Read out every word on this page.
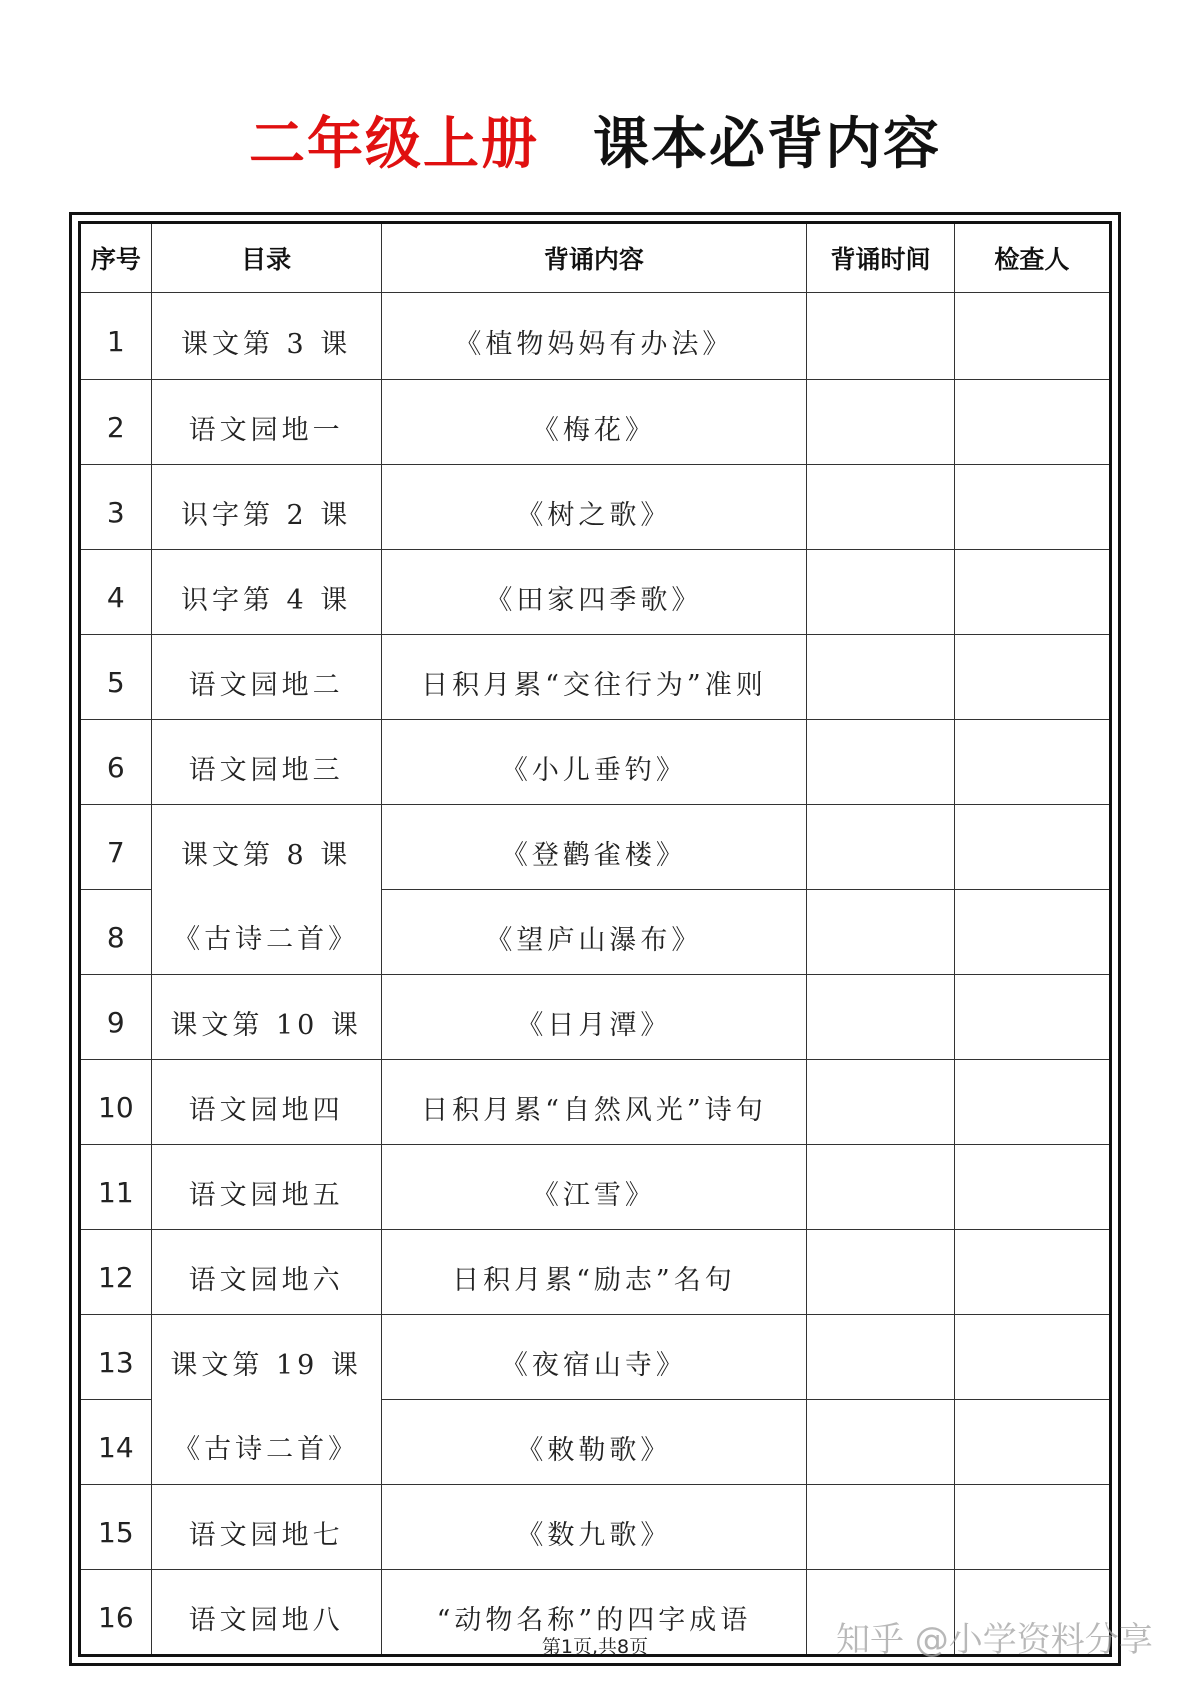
二年级上册 课本必背内容
序号	目录	背诵内容	背诵时间	检查人
1	课文第 3 课	《植物妈妈有办法》		
2	语文园地一	《梅花》		
3	识字第 2 课	《树之歌》		
4	识字第 4 课	《田家四季歌》		
5	语文园地二	日积月累“交往行为”准则		
6	语文园地三	《小儿垂钓》		
7	课文第 8 课	《登鹳雀楼》		
8	《古诗二首》	《望庐山瀑布》		
9	课文第 10 课	《日月潭》		
10	语文园地四	日积月累“自然风光”诗句		
11	语文园地五	《江雪》		
12	语文园地六	日积月累“励志”名句		
13	课文第 19 课	《夜宿山寺》		
14	《古诗二首》	《敕勒歌》		
15	语文园地七	《数九歌》		
16	语文园地八	“动物名称”的四字成语		
第1页,共8页	知乎 @小学资料分享
